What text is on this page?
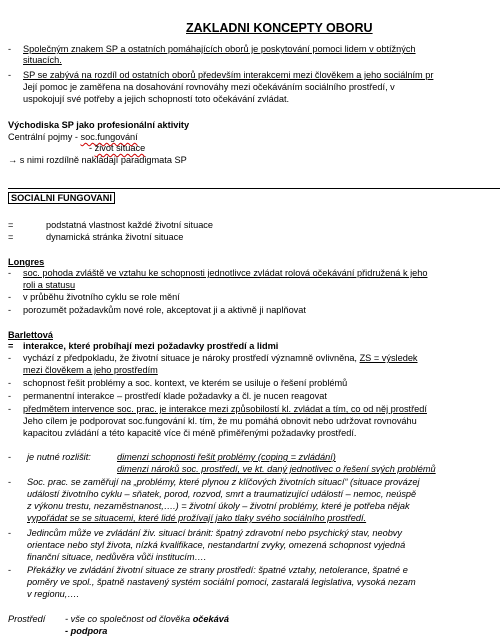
ZAKLADNI KONCEPTY OBORU
- Společným znakem SP a ostatních pomáhajících oborů je poskytování pomoci lidem v obtížných
situacích.
- SP se zabývá na rozdíl od ostatních oborů především interakcemi mezi člověkem a jeho sociálním pr
Její pomoc je zaměřena na dosahování rovnováhy mezi očekáváním sociálního prostředí, v
uspokojují své potřeby a jejich schopností toto očekávání zvládat.
Východiska SP jako profesionální aktivity
Centrální pojmy - soc.fungování
- život situace
→ s nimi rozdílně nakládají paradigmata SP
SOCIALNI FUNGOVANI
=	podstatná vlastnost každé životní situace
=	dynamická stránka životní situace
Longres
- soc. pohoda zvláště ve vztahu ke schopnosti jednotlivce zvládat rolová očekávání přidružená k jeho
roli a statusu
- v průběhu životního cyklu se role mění
- porozumět požadavkům nové role, akceptovat ji a aktivně ji naplňovat
Barlettová
= interakce, které probíhají mezi požadavky prostředí a lidmi
- vychází z předpokladu, že životní situace je nároky prostředí významně ovlivněna, ZS = výsledek
mezi člověkem a jeho prostředím
- schopnost řešit problémy a soc. kontext, ve kterém se usiluje o řešení problémů
- permanentní interakce – prostředí klade požadavky a čl. je nucen reagovat
- předmětem intervence soc. prac. je interakce mezi způsobilostí kl. zvládat a tím, co od něj prostředí
Jeho cílem je podporovat soc.fungování kl. tím, že mu pomáhá obnovit nebo udržovat rovnováhu
kapacitou zvládání a této kapacitě více či méně přiměřenými požadavky prostředí.
- je nutné rozlišit:	dimenzi schopnosti řešit problémy (coping = zvládání)
dimenzi nároků soc. prostředí, ve kt. daný jednotlivec o řešení svých problémů
- Soc. prac. se zaměřují na „problémy, které plynou z klíčových životních situací“ (situace provázej
událostí životního cyklu – sňatek, porod, rozvod, smrt a traumatizující událostí – nemoc, neúspě
z výkonu trestu, nezaměstnanost,….) = životní úkoly – životní problémy, které je potřeba nějak
vypořádat se se situacemi, které lidé prožívají jako tlaky svého sociálního prostředí.
- Jedincům může ve zvládání živ. situací bránit: špatný zdravotní nebo psychický stav, neobvy
orientace nebo styl života, nízká kvalifikace, nestandartní zvyky, omezená schopnost vyjedná
finanční situace, nedůvěra vůči institucím….
- Překážky ve zvládání životní situace ze strany prostředí: špatné vztahy, netolerance, špatné e
poměry ve spol., špatně nastavený systém sociální pomoci, zastaralá legislativa, vysoká nezam
v regionu,….
Prostředí - vše co společnost od člověka očekává
- podpora
